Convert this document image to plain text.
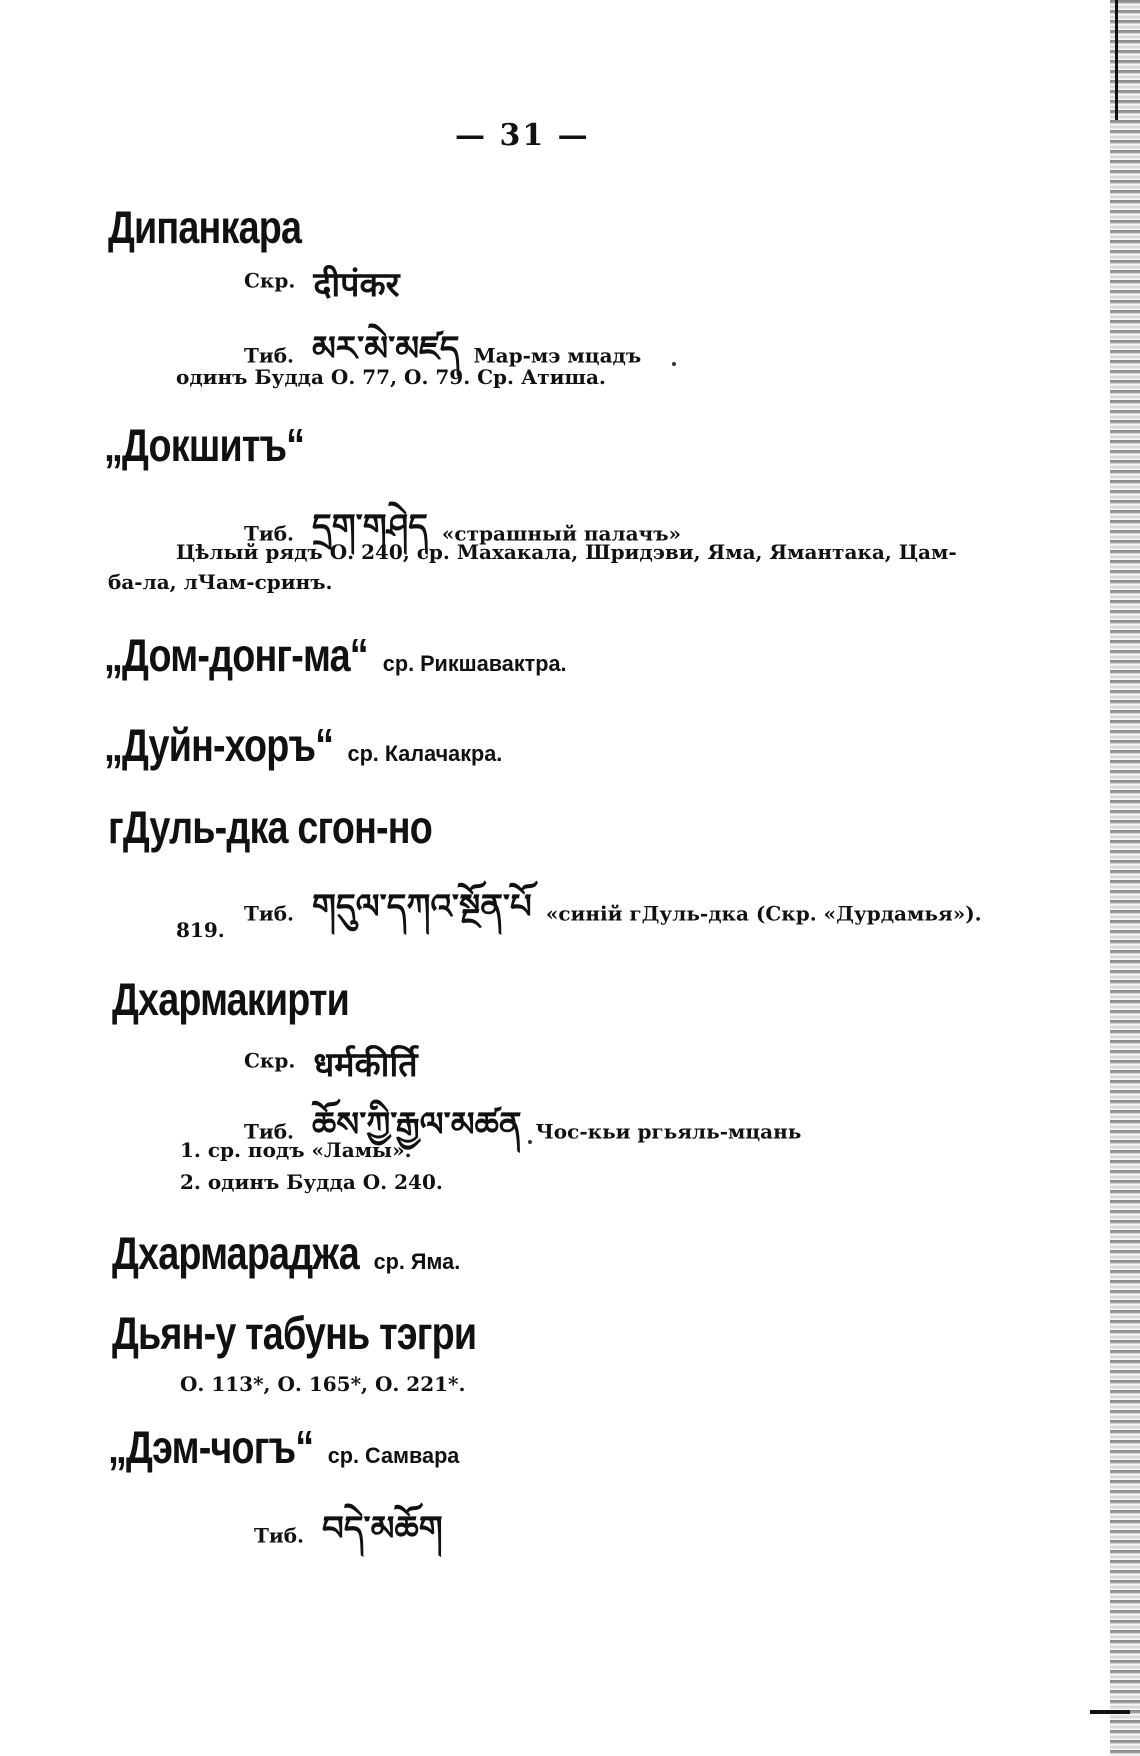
— 31 —
Дипанкара
Скр. दीपंकर
Тиб. མར་མེ་མཛད Мар-мэ мцадъ
одинъ Будда О. 77, О. 79. Ср. Атиша.
„Докшитъ“
Тиб. དྲག་གཤེད «страшный палачъ»
Цѣлый рядъ О. 240, ср. Махакала, Шридэви, Яма, Ямантака, Цам-
ба-ла, лЧам-сринъ.
„Дом-донг-ма“ ср. Рикшавактра.
„Дуйн-хоръ“ ср. Калачакра.
гДуль-дка сгон-но
Тиб. གདུལ་དཀའ་སྔོན་པོ «синій гДуль-дка (Скр. «Дурдамья»).
819.
Дхармакирти
Скр. धर्मकीर्ति
Тиб. ཆོས་ཀྱི་རྒྱལ་མཚན Чос-кьи ргьяль-мцань
1. ср. подъ «Ламы».
2. одинъ Будда О. 240.
Дхармараджа ср. Яма.
Дьян-у табунь тэгри
О. 113*, О. 165*, О. 221*.
„Дэм-чогъ“ ср. Самвара
Тиб. བདེ་མཆོག
